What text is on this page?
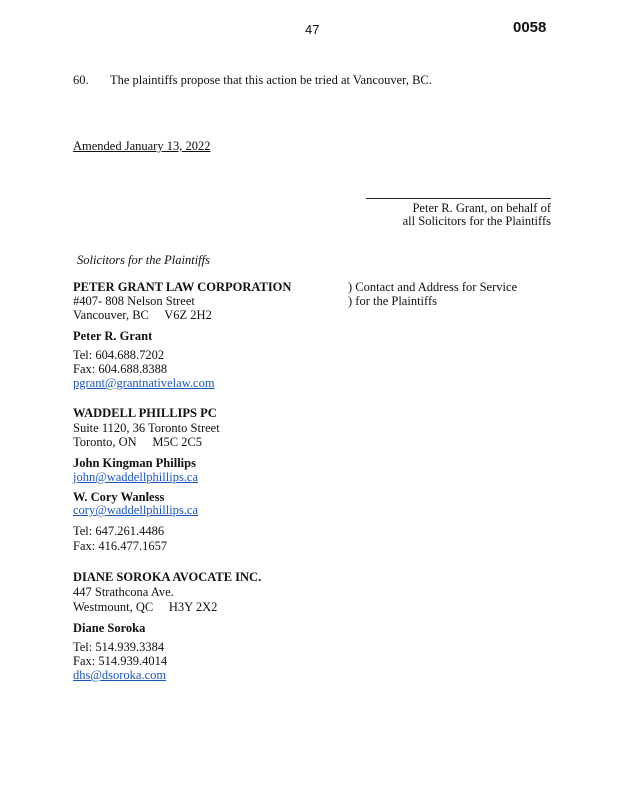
47	0058
60. The plaintiffs propose that this action be tried at Vancouver, BC.
Amended January 13, 2022
Peter R. Grant, on behalf of
all Solicitors for the Plaintiffs
Solicitors for the Plaintiffs
) Contact and Address for Service
) for the Plaintiffs
PETER GRANT LAW CORPORATION
#407- 808 Nelson Street
Vancouver, BC     V6Z 2H2
Peter R. Grant
Tel: 604.688.7202
Fax: 604.688.8388
pgrant@grantnativelaw.com
WADDELL PHILLIPS PC
Suite 1120, 36 Toronto Street
Toronto, ON     M5C 2C5
John Kingman Phillips
john@waddellphillips.ca
W. Cory Wanless
cory@waddellphillips.ca
Tel: 647.261.4486
Fax: 416.477.1657
DIANE SOROKA AVOCATE INC.
447 Strathcona Ave.
Westmount, QC     H3Y 2X2
Diane Soroka
Tel: 514.939.3384
Fax: 514.939.4014
dhs@dsoroka.com
